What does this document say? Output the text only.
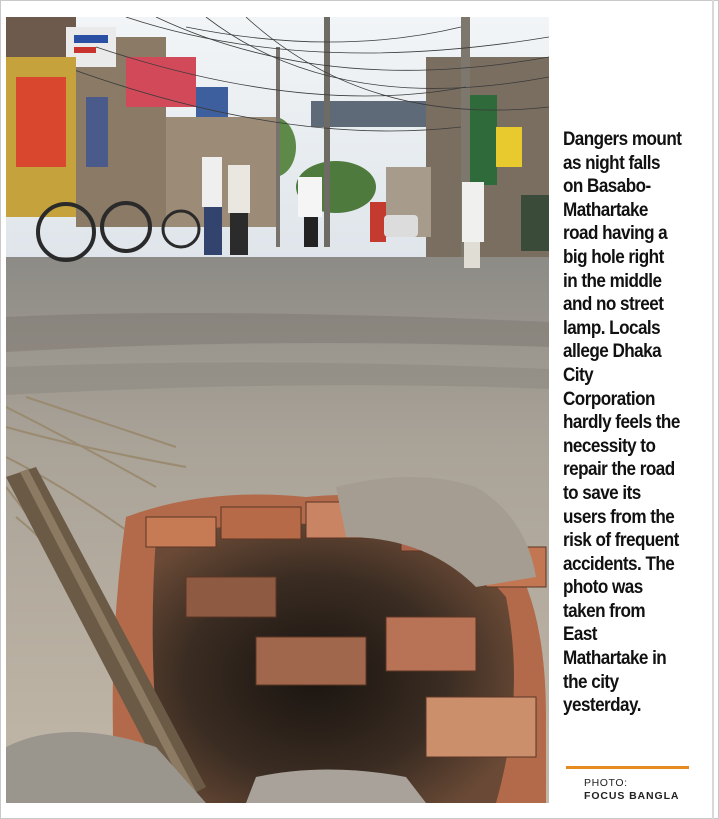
Dangers mount
as night falls
on Basabo-
Mathartake
road having a
big hole right
in the middle
and no street
lamp. Locals
allege Dhaka
City
Corporation
hardly feels the
necessity to
repair the road
to save its
users from the
risk of frequent
accidents. The
photo was
taken from
East
Mathartake in
the city
yesterday.

PHOTO:
FOCUS BANGLA
